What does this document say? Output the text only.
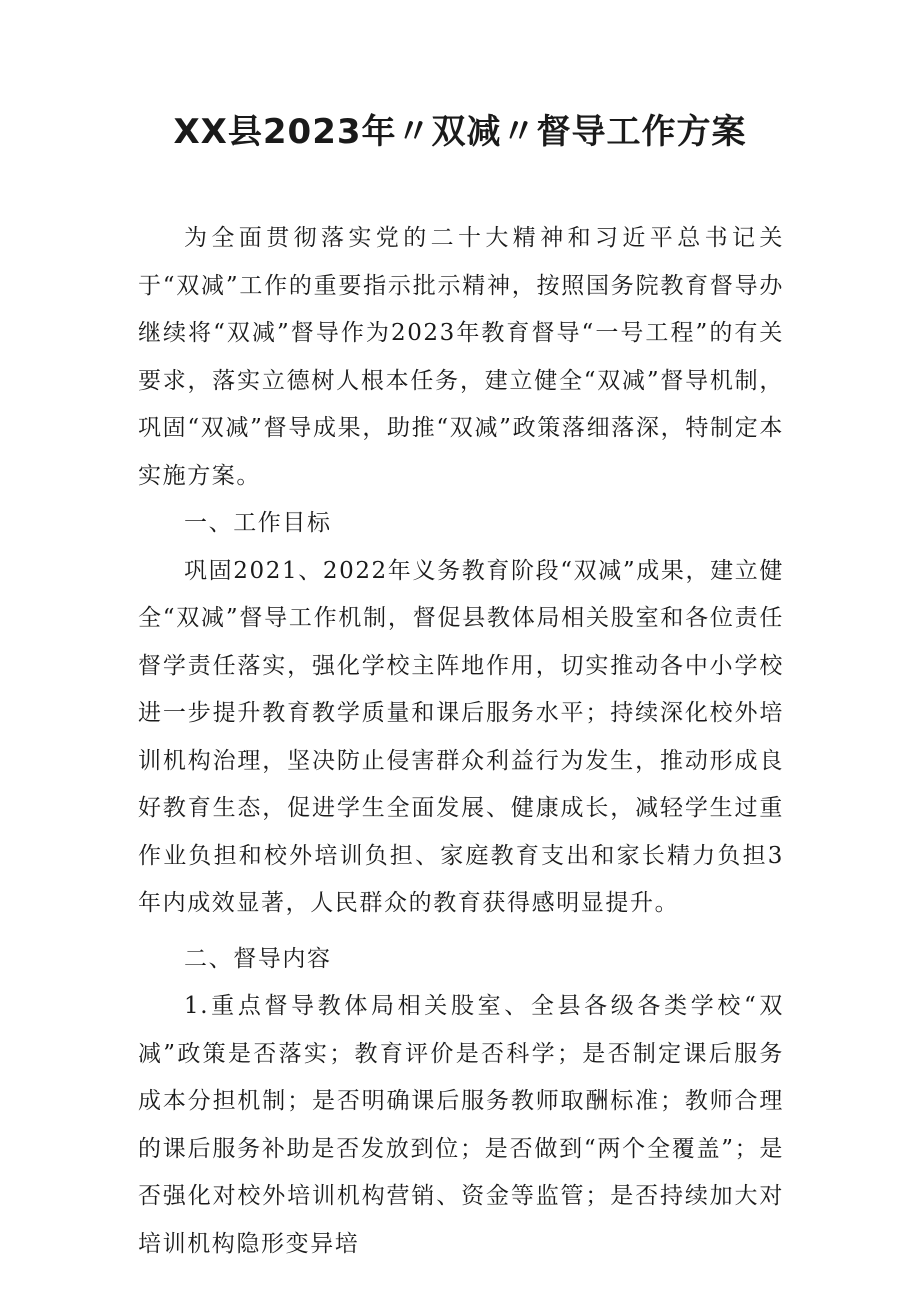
XX县2023年〃双减〃督导工作方案

为全面贯彻落实党的二十大精神和习近平总书记关于“双减”工作的重要指示批示精神，按照国务院教育督导办继续将“双减”督导作为2023年教育督导“一号工程”的有关要求，落实立德树人根本任务，建立健全“双减”督导机制，巩固“双减”督导成果，助推“双减”政策落细落深，特制定本实施方案。

一、工作目标

巩固2021、2022年义务教育阶段“双减”成果，建立健全“双减”督导工作机制，督促县教体局相关股室和各位责任督学责任落实，强化学校主阵地作用，切实推动各中小学校进一步提升教育教学质量和课后服务水平；持续深化校外培训机构治理，坚决防止侵害群众利益行为发生，推动形成良好教育生态，促进学生全面发展、健康成长，减轻学生过重作业负担和校外培训负担、家庭教育支出和家长精力负担3年内成效显著，人民群众的教育获得感明显提升。

二、督导内容

1.重点督导教体局相关股室、全县各级各类学校“双减”政策是否落实；教育评价是否科学；是否制定课后服务成本分担机制；是否明确课后服务教师取酬标准；教师合理的课后服务补助是否发放到位；是否做到“两个全覆盖”；是否强化对校外培训机构营销、资金等监管；是否持续加大对培训机构隐形变异培
